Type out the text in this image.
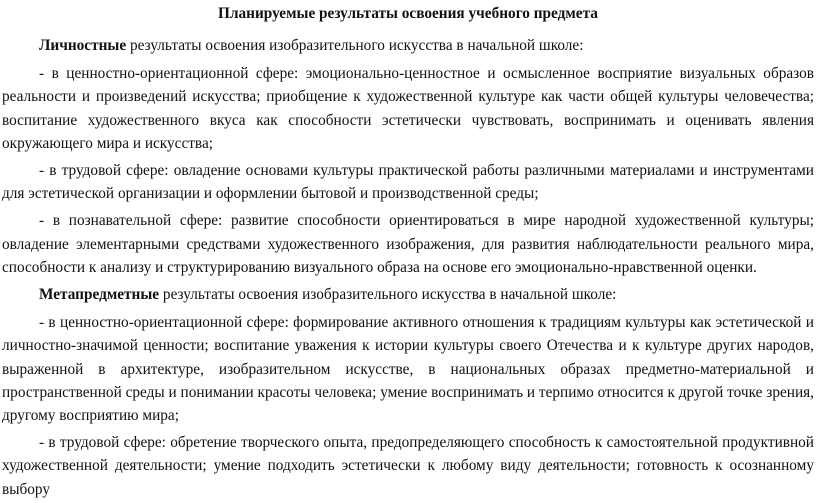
Планируемые результаты освоения учебного предмета

Личностные результаты освоения изобразительного искусства в начальной школе:

- в ценностно-ориентационной сфере: эмоционально-ценностное и осмысленное восприятие визуальных образов реальности и произведений искусства; приобщение к художественной культуре как части общей культуры человечества; воспитание художественного вкуса как способности эстетически чувствовать, воспринимать и оценивать явления окружающего мира и искусства;

- в трудовой сфере: овладение основами культуры практической работы различными материалами и инструментами для эстетической организации и оформлении бытовой и производственной среды;

- в познавательной сфере: развитие способности ориентироваться в мире народной художественной культуры; овладение элементарными средствами художественного изображения, для развития наблюдательности реального мира, способности к анализу и структурированию визуального образа на основе его эмоционально-нравственной оценки.

Метапредметные результаты освоения изобразительного искусства в начальной школе:

- в ценностно-ориентационной сфере: формирование активного отношения к традициям культуры как эстетической и личностно-значимой ценности; воспитание уважения к истории культуры своего Отечества и к культуре других народов, выраженной в архитектуре, изобразительном искусстве, в национальных образах предметно-материальной и пространственной среды и понимании красоты человека; умение воспринимать и терпимо относится к другой точке зрения, другому восприятию мира;

- в трудовой сфере: обретение творческого опыта, предопределяющего способность к самостоятельной продуктивной художественной деятельности; умение подходить эстетически к любому виду деятельности; готовность к осознанному выбору
